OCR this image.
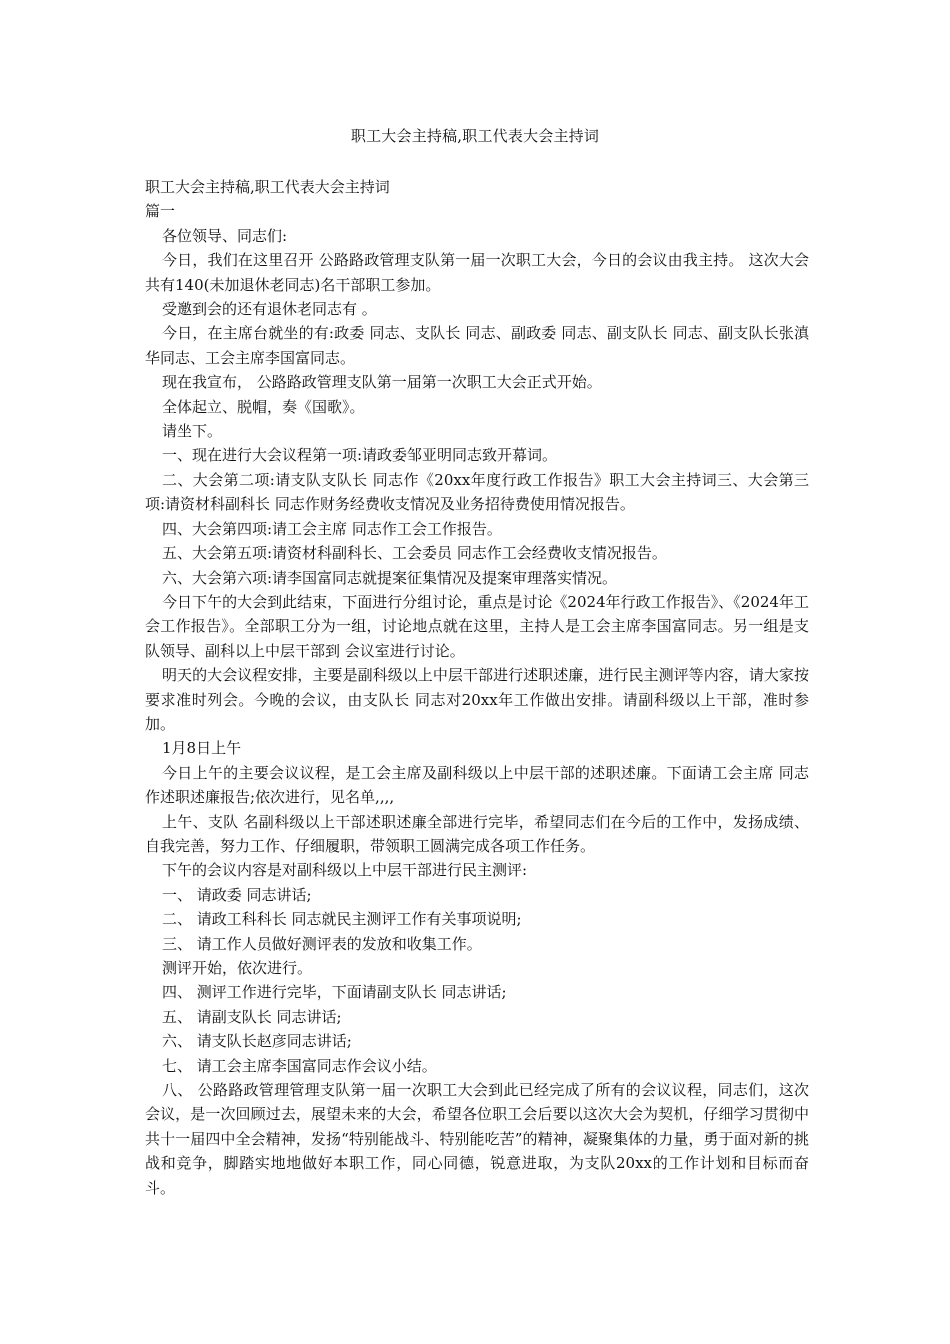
职工大会主持稿,职工代表大会主持词

职工大会主持稿,职工代表大会主持词

篇一

各位领导、同志们:

今日，我们在这里召开 公路路政管理支队第一届一次职工大会，今日的会议由我主持。 这次大会共有140(未加退休老同志)名干部职工参加。

受邀到会的还有退休老同志有 。

今日，在主席台就坐的有:政委 同志、支队长 同志、副政委 同志、副支队长 同志、副支队长张滇华同志、工会主席李国富同志。

现在我宣布， 公路路政管理支队第一届第一次职工大会正式开始。

全体起立、脱帽，奏《国歌》。

请坐下。

一、现在进行大会议程第一项:请政委邹亚明同志致开幕词。

二、大会第二项:请支队支队长 同志作《20xx年度行政工作报告》职工大会主持词三、大会第三项:请资材科副科长 同志作财务经费收支情况及业务招待费使用情况报告。

四、大会第四项:请工会主席 同志作工会工作报告。

五、大会第五项:请资材科副科长、工会委员 同志作工会经费收支情况报告。

六、大会第六项:请李国富同志就提案征集情况及提案审理落实情况。

今日下午的大会到此结束，下面进行分组讨论，重点是讨论《2024年行政工作报告》、《2024年工会工作报告》。全部职工分为一组，讨论地点就在这里，主持人是工会主席李国富同志。另一组是支队领导、副科以上中层干部到 会议室进行讨论。

明天的大会议程安排，主要是副科级以上中层干部进行述职述廉，进行民主测评等内容，请大家按要求准时列会。今晚的会议，由支队长 同志对20xx年工作做出安排。请副科级以上干部，准时参加。

1月8日上午

今日上午的主要会议议程，是工会主席及副科级以上中层干部的述职述廉。下面请工会主席 同志作述职述廉报告;依次进行，见名单,,,,

上午、支队 名副科级以上干部述职述廉全部进行完毕，希望同志们在今后的工作中，发扬成绩、自我完善，努力工作、仔细履职，带领职工圆满完成各项工作任务。

下午的会议内容是对副科级以上中层干部进行民主测评:

一、 请政委 同志讲话;

二、 请政工科科长 同志就民主测评工作有关事项说明;

三、 请工作人员做好测评表的发放和收集工作。

测评开始，依次进行。

四、 测评工作进行完毕，下面请副支队长 同志讲话;

五、 请副支队长 同志讲话;

六、 请支队长赵彦同志讲话;

七、 请工会主席李国富同志作会议小结。

八、 公路路政管理管理支队第一届一次职工大会到此已经完成了所有的会议议程，同志们，这次会议，是一次回顾过去，展望未来的大会，希望各位职工会后要以这次大会为契机，仔细学习贯彻中共十一届四中全会精神，发扬“特别能战斗、特别能吃苦”的精神，凝聚集体的力量，勇于面对新的挑战和竞争，脚踏实地地做好本职工作，同心同德，锐意进取，为支队20xx的工作计划和目标而奋斗。
